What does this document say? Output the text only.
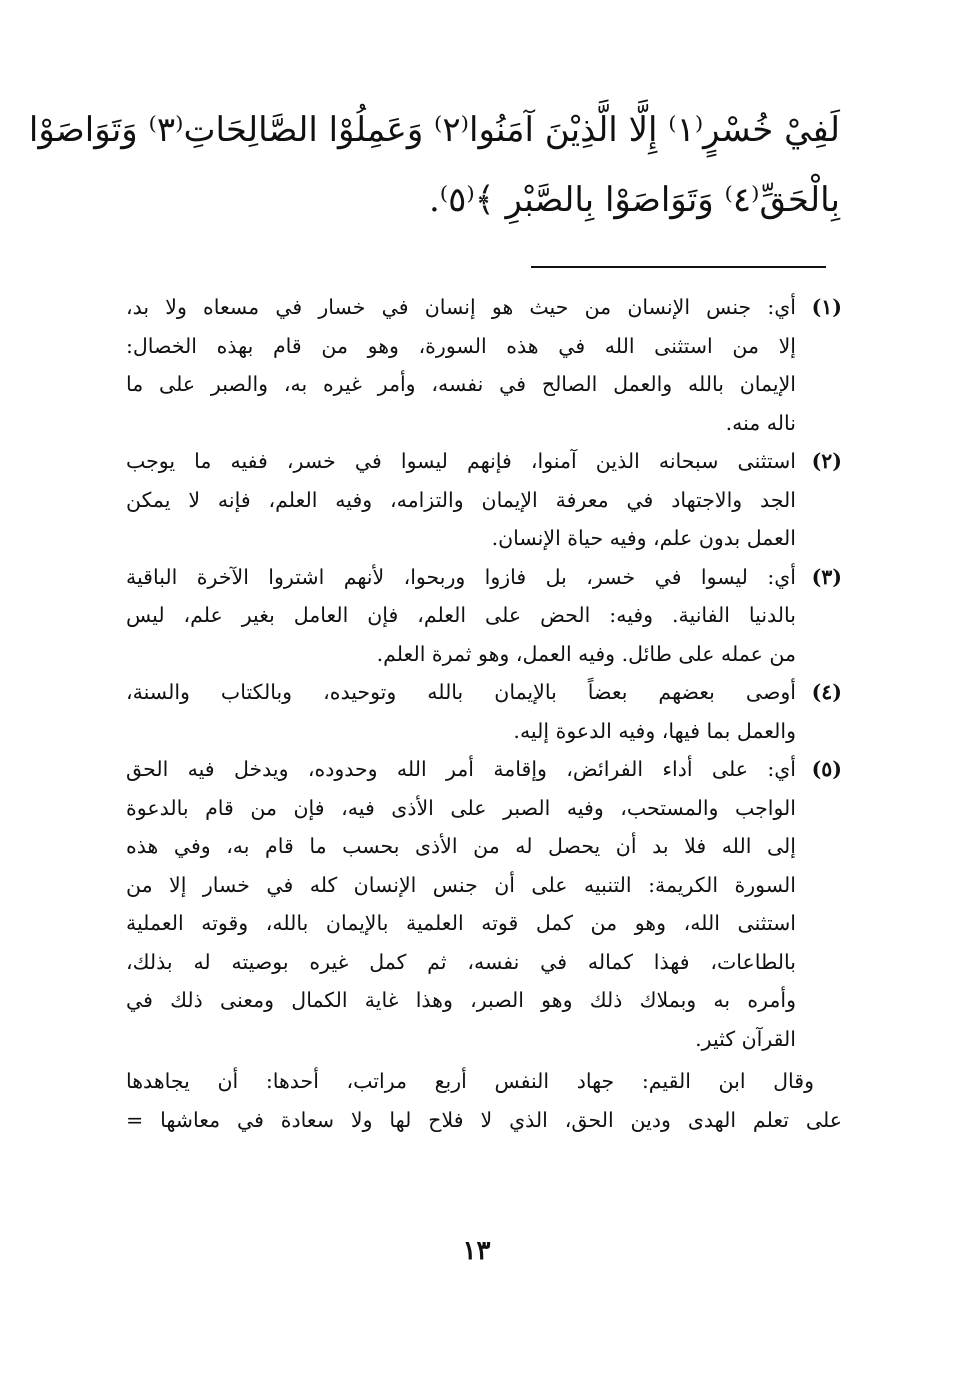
لَفِيْ خُسْرٍ⁽١⁾ إِلَّا الَّذِيْنَ آمَنُوا⁽٢⁾ وَعَمِلُوْا الصَّالِحَاتِ⁽٣⁾ وَتَوَاصَوْا
بِالْحَقِّ⁽٤⁾ وَتَوَاصَوْا بِالصَّبْرِ ﴾⁽٥⁾.
(١)
أي: جنس الإنسان من حيث هو إنسان في خسار في مسعاه ولا بد،
إلا من استثنى الله في هذه السورة، وهو من قام بهذه الخصال:
الإيمان بالله والعمل الصالح في نفسه، وأمر غيره به، والصبر على ما
ناله منه.
(٢)
استثنى سبحانه الذين آمنوا، فإنهم ليسوا في خسر، ففيه ما يوجب
الجد والاجتهاد في معرفة الإيمان والتزامه، وفيه العلم، فإنه لا يمكن
العمل بدون علم، وفيه حياة الإنسان.
(٣)
أي: ليسوا في خسر، بل فازوا وربحوا، لأنهم اشتروا الآخرة الباقية
بالدنيا الفانية. وفيه: الحض على العلم، فإن العامل بغير علم، ليس
من عمله على طائل. وفيه العمل، وهو ثمرة العلم.
(٤)
أوصى بعضهم بعضاً بالإيمان بالله وتوحيده، وبالكتاب والسنة،
والعمل بما فيها، وفيه الدعوة إليه.
(٥)
أي: على أداء الفرائض، وإقامة أمر الله وحدوده، ويدخل فيه الحق
الواجب والمستحب، وفيه الصبر على الأذى فيه، فإن من قام بالدعوة
إلى الله فلا بد أن يحصل له من الأذى بحسب ما قام به، وفي هذه
السورة الكريمة: التنبيه على أن جنس الإنسان كله في خسار إلا من
استثنى الله، وهو من كمل قوته العلمية بالإيمان بالله، وقوته العملية
بالطاعات، فهذا كماله في نفسه، ثم كمل غيره بوصيته له بذلك،
وأمره به وبملاك ذلك وهو الصبر، وهذا غاية الكمال ومعنى ذلك في
القرآن كثير.
وقال ابن القيم: جهاد النفس أربع مراتب، أحدها: أن يجاهدها
على تعلم الهدى ودين الحق، الذي لا فلاح لها ولا سعادة في معاشها =
١٣
